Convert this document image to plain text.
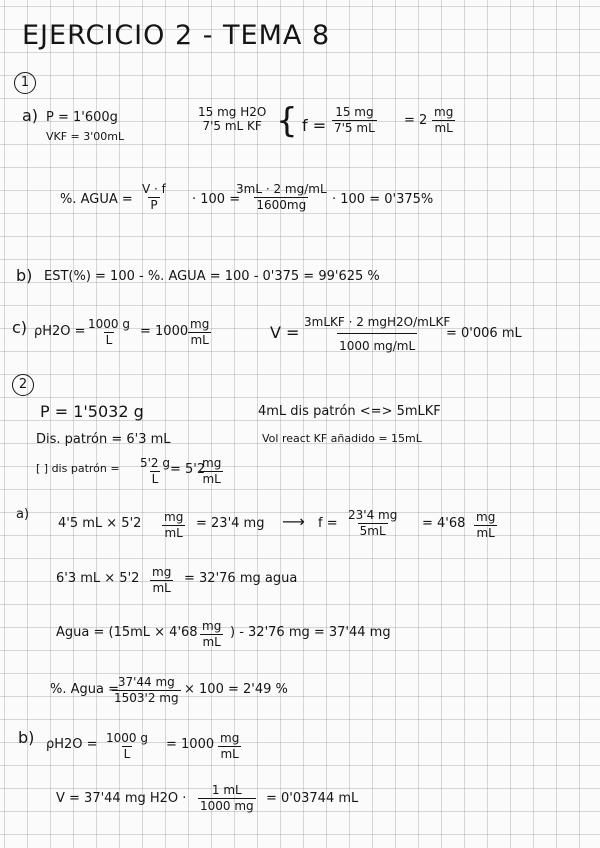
EJERCICIO 2 - TEMA 8
1
a) P = 1'600g
VKF = 3'00mL
15 mg H2O
7'5 mL KF { $f = \frac{15 mg}{7'5 mL} = 2 \frac{mg}{mL}$
%. AGUA = $\frac{V \cdot f}{P} \cdot 100$ =
$\frac{3mL \cdot 2 mg/mL}{1600mg} \cdot 100 = 0'375\%$
b) EST(%) = 100 - %. AGUA = 100 - 0'375 = 99'625 %
c) $\rho H2O = \frac{1000 g}{L} = 1000 \frac{mg}{mL}$	V =
3mLKF · 2 mgH2O/mLKF
1000 mg/mL
= 0'006 mL
2
P = 1'5032 g	4mL dis patrón <=> 5mLKF
Dis. patrón = 6'3 mL	Vol react KF añadido = 15mL
[ ] dis patrón = $\frac{5'2 g}{L}$
= 5'2
$\frac{mg}{mL}$
a)
4'5 mL × $5'2 \frac{mg}{mL} = 23'4$ mg ⟶ $f = \frac{23'4 mg}{5mL} = 4'68 \frac{mg}{mL}$
6'3 mL × $5'2 \frac{mg}{mL} = 32'76$ mg agua
Agua = ($15mL \times 4'68 \frac{mg}{mL}$ ) - 32'76 mg = 37'44 mg
%. Agua =
$\frac{37'44 mg}{1503'2 mg} \times 100 = 2'49$ %
b) $\rho H2O = \frac{1000 g}{L} = 1000 \frac{mg}{mL}$
V = 37'44 mg $H2O \cdot \frac{1 mL}{1000 mg} = 0'03744$ mL
